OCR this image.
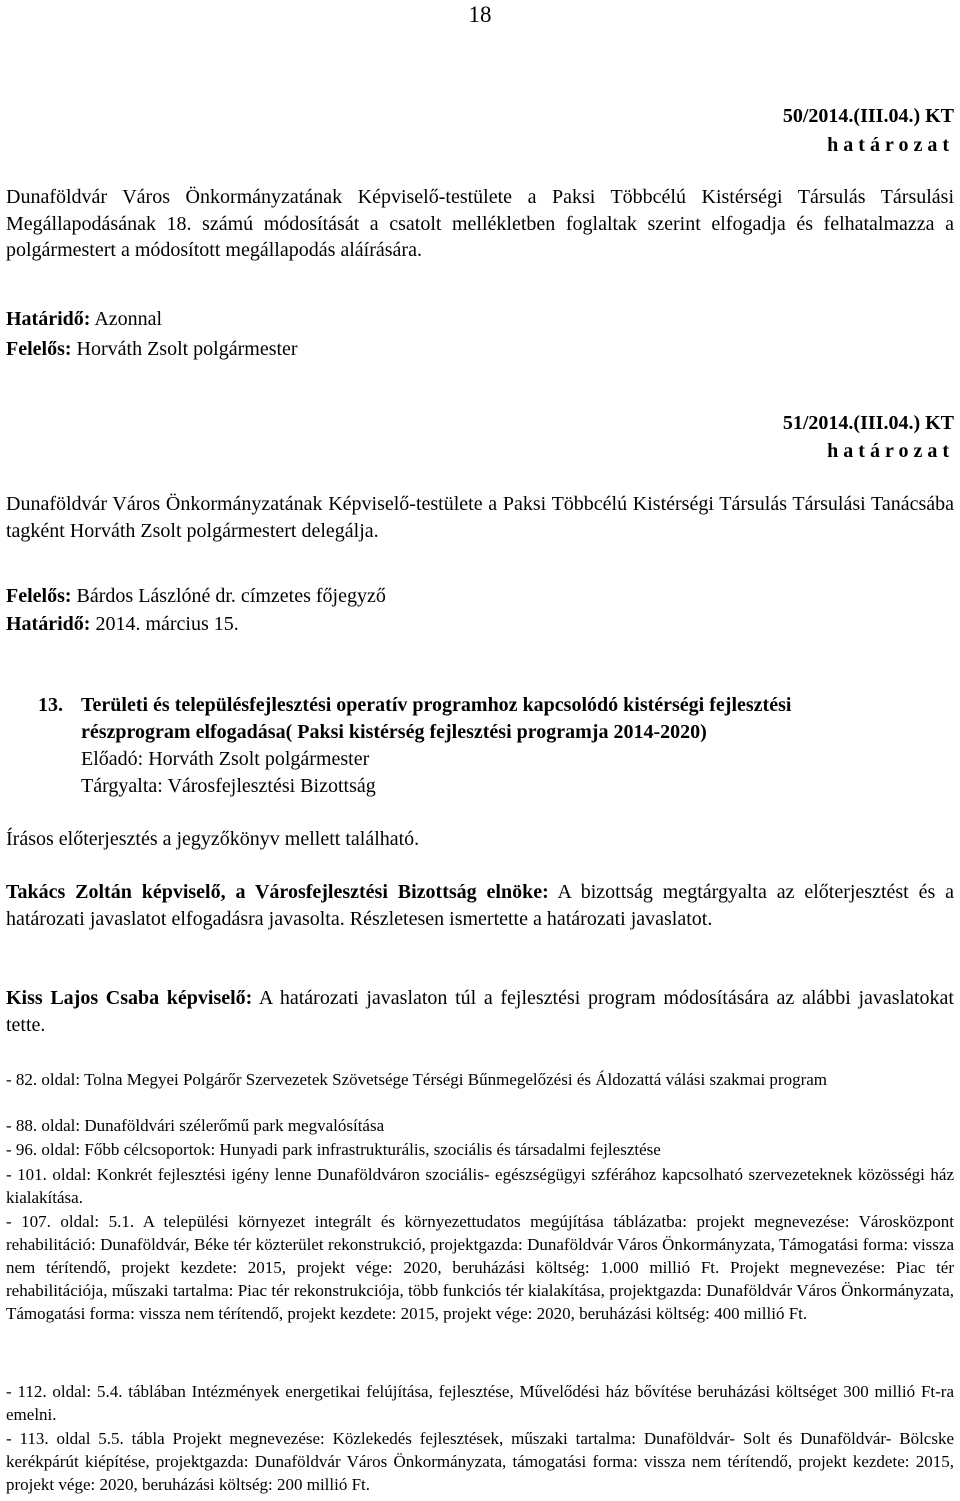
18
50/2014.(III.04.) KT
határozat
Dunaföldvár Város Önkormányzatának Képviselő-testülete a Paksi Többcélú Kistérségi Társulás Társulási Megállapodásának 18. számú módosítását a csatolt mellékletben foglaltak szerint elfogadja és felhatalmazza a polgármestert a módosított megállapodás aláírására.
Határidő: Azonnal
Felelős: Horváth Zsolt polgármester
51/2014.(III.04.) KT
határozat
Dunaföldvár Város Önkormányzatának Képviselő-testülete a Paksi Többcélú Kistérségi Társulás Társulási Tanácsába tagként Horváth Zsolt polgármestert delegálja.
Felelős: Bárdos Lászlóné dr. címzetes főjegyző
Határidő: 2014. március 15.
13. Területi és településfejlesztési operatív programhoz kapcsolódó kistérségi fejlesztési
részprogram elfogadása( Paksi kistérség fejlesztési programja 2014-2020)
Előadó: Horváth Zsolt polgármester
Tárgyalta: Városfejlesztési Bizottság
Írásos előterjesztés a jegyzőkönyv mellett található.
Takács Zoltán képviselő, a Városfejlesztési Bizottság elnöke: A bizottság megtárgyalta az előterjesztést és a határozati javaslatot elfogadásra javasolta. Részletesen ismertette a határozati javaslatot.
Kiss Lajos Csaba képviselő: A határozati javaslaton túl a fejlesztési program módosítására az alábbi javaslatokat tette.
- 82. oldal: Tolna Megyei Polgárőr Szervezetek Szövetsége Térségi Bűnmegelőzési és Áldozattá válási szakmai program
- 88. oldal: Dunaföldvári szélerőmű park megvalósítása
- 96. oldal: Főbb célcsoportok: Hunyadi park infrastrukturális, szociális és társadalmi fejlesztése
- 101. oldal: Konkrét fejlesztési igény lenne Dunaföldváron szociális- egészségügyi szférához kapcsolható szervezeteknek közösségi ház kialakítása.
- 107. oldal: 5.1. A települési környezet integrált és környezettudatos megújítása táblázatba: projekt megnevezése: Városközpont rehabilitáció: Dunaföldvár, Béke tér közterület rekonstrukció, projektgazda: Dunaföldvár Város Önkormányzata, Támogatási forma: vissza nem térítendő, projekt kezdete: 2015, projekt vége: 2020, beruházási költség: 1.000 millió Ft. Projekt megnevezése: Piac tér rehabilitációja, műszaki tartalma: Piac tér rekonstrukciója, több funkciós tér kialakítása, projektgazda: Dunaföldvár Város Önkormányzata, Támogatási forma: vissza nem térítendő, projekt kezdete: 2015, projekt vége: 2020, beruházási költség: 400 millió Ft.
- 112. oldal: 5.4. táblában Intézmények energetikai felújítása, fejlesztése, Művelődési ház bővítése beruházási költséget 300 millió Ft-ra emelni.
- 113. oldal 5.5. tábla Projekt megnevezése: Közlekedés fejlesztések, műszaki tartalma: Dunaföldvár- Solt és Dunaföldvár- Bölcske kerékpárút kiépítése, projektgazda: Dunaföldvár Város Önkormányzata, támogatási forma: vissza nem térítendő, projekt kezdete: 2015, projekt vége: 2020, beruházási költség: 200 millió Ft.
